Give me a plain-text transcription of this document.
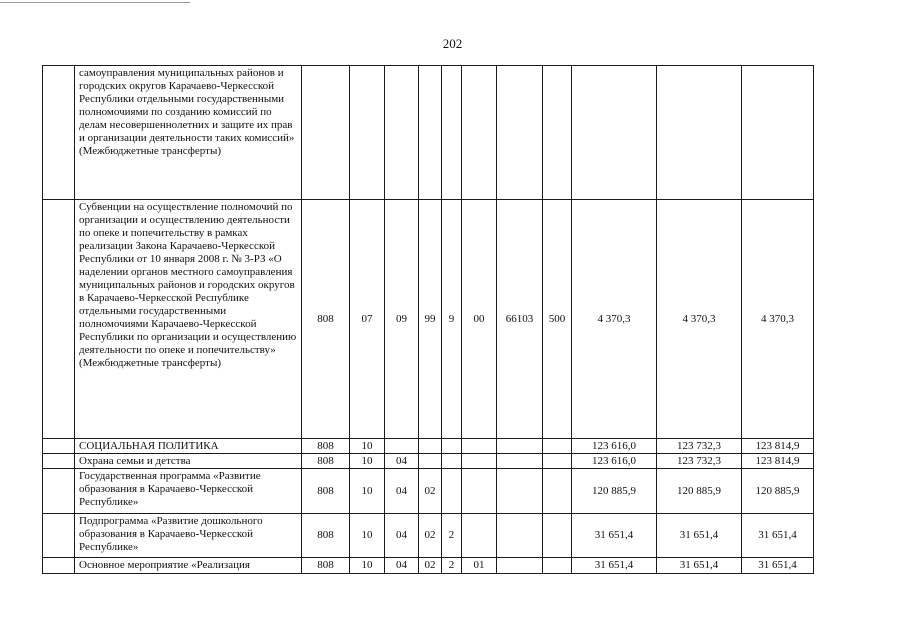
202
	самоуправления муниципальных районов и городских округов Карачаево-Черкесской Республики отдельными государственными полномочиями по созданию комиссий по делам несовершеннолетних и защите их прав и организации деятельности таких комиссий» (Межбюджетные трансферты)											
	Субвенции на осуществление полномочий по организации и осуществлению деятельности по опеке и попечительству в рамках реализации Закона Карачаево-Черкесской Республики от 10 января 2008 г. № 3-РЗ «О наделении органов местного самоуправления муниципальных районов и городских округов в Карачаево-Черкесской Республике отдельными государственными полномочиями Карачаево-Черкесской Республики по организации и осуществлению деятельности по опеке и попечительству» (Межбюджетные трансферты)	808	07	09	99	9	00	66103	500	4 370,3	4 370,3	4 370,3
	СОЦИАЛЬНАЯ ПОЛИТИКА	808	10							123 616,0	123 732,3	123 814,9
	Охрана семьи и детства	808	10	04						123 616,0	123 732,3	123 814,9
	Государственная программа «Развитие образования в Карачаево-Черкесской Республике»	808	10	04	02					120 885,9	120 885,9	120 885,9
	Подпрограмма «Развитие дошкольного образования в Карачаево-Черкесской Республике»	808	10	04	02	2				31 651,4	31 651,4	31 651,4
	Основное мероприятие «Реализация	808	10	04	02	2	01			31 651,4	31 651,4	31 651,4
